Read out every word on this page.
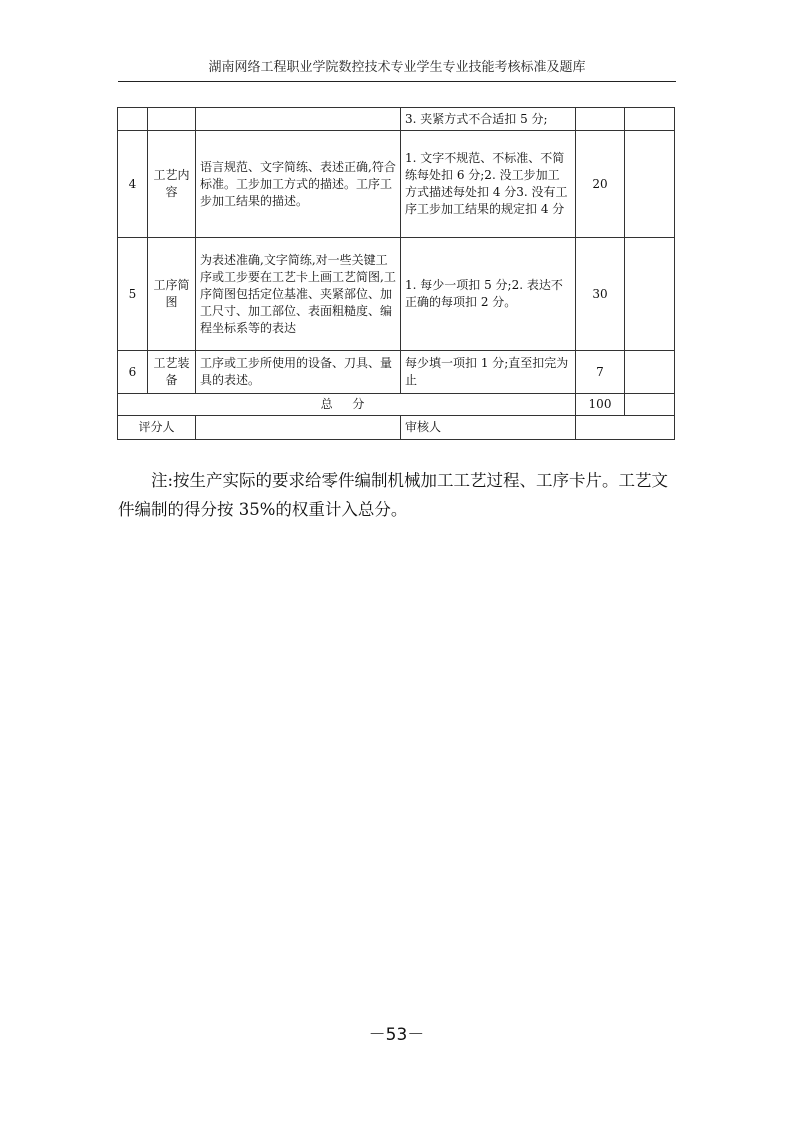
湖南网络工程职业学院数控技术专业学生专业技能考核标准及题库
			3. 夹紧方式不合适扣 5 分;		
4	工艺内容	语言规范、文字简练、表述正确,符合标准。工步加工方式的描述。工序工步加工结果的描述。	1. 文字不规范、不标准、不简练每处扣 6 分;2. 没工步加工方式描述每处扣 4 分3. 没有工序工步加工结果的规定扣 4 分	20	
5	工序简图	为表述准确,文字简练,对一些关键工序或工步要在工艺卡上画工艺简图,工序简图包括定位基准、夹紧部位、加工尺寸、加工部位、表面粗糙度、编程坐标系等的表达	1. 每少一项扣 5 分;2. 表达不正确的每项扣 2 分。	30	
6	工艺装备	工序或工步所使用的设备、刀具、量具的表述。	每少填一项扣 1 分;直至扣完为止	7	
总 分				100	
评分人			审核人		
注:按生产实际的要求给零件编制机械加工工艺过程、工序卡片。工艺文件编制的得分按 35%的权重计入总分。
－53－
